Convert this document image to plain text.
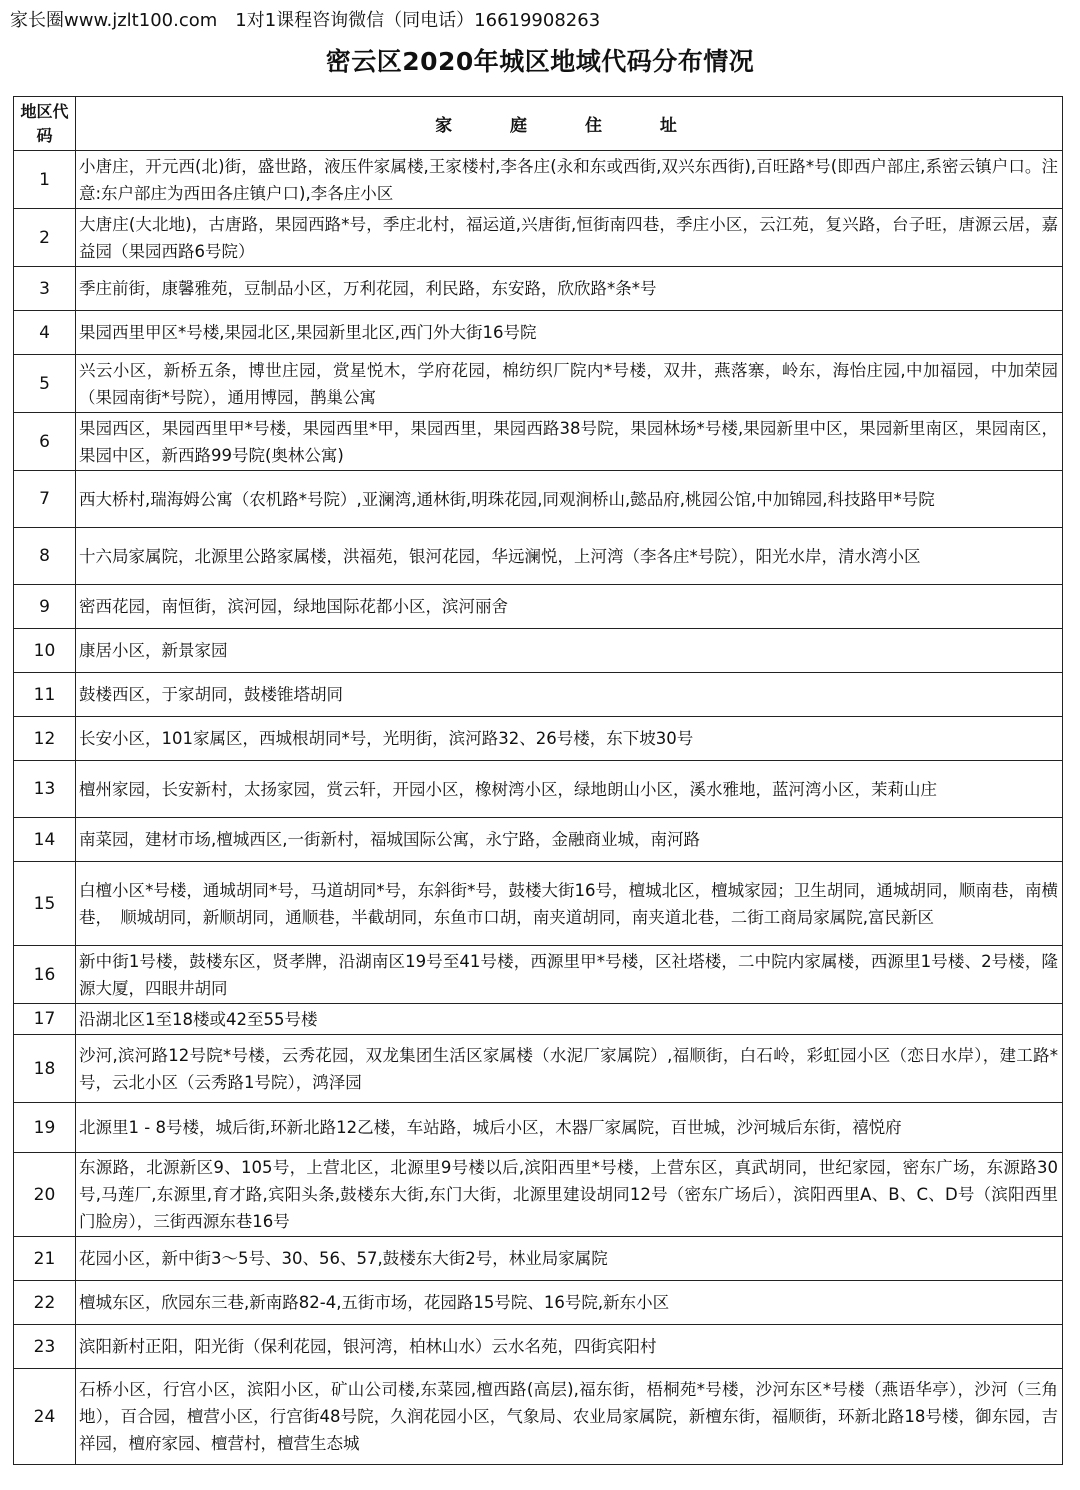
家长圈www.jzlt100.com　1对1课程咨询微信（同电话）16619908263
密云区2020年城区地域代码分布情况
地区代码	家 庭 住 址
1	小唐庄，开元西(北)街，盛世路，液压件家属楼,王家楼村,李各庄(永和东或西街,双兴东西街),百旺路*号(即西户部庄,系密云镇户口。注意:东户部庄为西田各庄镇户口),李各庄小区
2	大唐庄(大北地)，古唐路，果园西路*号，季庄北村，福运道,兴唐街,恒街南四巷，季庄小区，云江苑，复兴路，台子旺，唐源云居，嘉益园（果园西路6号院）
3	季庄前街，康馨雅苑，豆制品小区，万利花园，利民路，东安路，欣欣路*条*号
4	果园西里甲区*号楼,果园北区,果园新里北区,西门外大街16号院
5	兴云小区，新桥五条，博世庄园，赏星悦木，学府花园，棉纺织厂院内*号楼，双井，燕落寨，岭东，海怡庄园,中加福园，中加荣园（果园南街*号院），通用博园，鹊巢公寓
6	果园西区，果园西里甲*号楼，果园西里*甲，果园西里，果园西路38号院，果园林场*号楼,果园新里中区，果园新里南区，果园南区，果园中区，新西路99号院(奥林公寓)
7	西大桥村,瑞海姆公寓（农机路*号院）,亚澜湾,通林街,明珠花园,同观涧桥山,懿品府,桃园公馆,中加锦园,科技路甲*号院
8	十六局家属院，北源里公路家属楼，洪福苑，银河花园，华远澜悦，上河湾（李各庄*号院），阳光水岸，清水湾小区
9	密西花园，南恒街，滨河园，绿地国际花都小区，滨河丽舍
10	康居小区，新景家园
11	鼓楼西区，于家胡同，鼓楼锥塔胡同
12	长安小区，101家属区，西城根胡同*号，光明街，滨河路32、26号楼，东下坡30号
13	檀州家园，长安新村，太扬家园，赏云轩，开园小区，橡树湾小区，绿地朗山小区，溪水雅地，蓝河湾小区，茉莉山庄
14	南菜园，建材市场,檀城西区,一街新村，福城国际公寓，永宁路，金融商业城，南河路
15	白檀小区*号楼，通城胡同*号，马道胡同*号，东斜街*号，鼓楼大街16号，檀城北区，檀城家园；卫生胡同，通城胡同，顺南巷，南横巷，　顺城胡同，新顺胡同，通顺巷，半截胡同，东鱼市口胡，南夹道胡同，南夹道北巷，二街工商局家属院,富民新区
16	新中街1号楼，鼓楼东区，贤孝牌，沿湖南区19号至41号楼，西源里甲*号楼，区社塔楼，二中院内家属楼，西源里1号楼、2号楼，隆源大厦，四眼井胡同
17	沿湖北区1至18楼或42至55号楼
18	沙河,滨河路12号院*号楼，云秀花园，双龙集团生活区家属楼（水泥厂家属院）,福顺街，白石岭，彩虹园小区（恋日水岸），建工路*号，云北小区（云秀路1号院），鸿泽园
19	北源里1 - 8号楼，城后街,环新北路12乙楼，车站路，城后小区，木器厂家属院，百世城，沙河城后东街，禧悦府
20	东源路，北源新区9、105号，上营北区，北源里9号楼以后,滨阳西里*号楼，上营东区，真武胡同，世纪家园，密东广场，东源路30号,马莲厂,东源里,育才路,宾阳头条,鼓楼东大街,东门大街，北源里建设胡同12号（密东广场后），滨阳西里A、B、C、D号（滨阳西里门脸房），三街西源东巷16号
21	花园小区，新中街3～5号、30、56、57,鼓楼东大街2号，林业局家属院
22	檀城东区，欣园东三巷,新南路82-4,五街市场，花园路15号院、16号院,新东小区
23	滨阳新村正阳，阳光街（保利花园，银河湾，柏林山水）云水名苑，四街宾阳村
24	石桥小区，行宫小区，滨阳小区，矿山公司楼,东菜园,檀西路(高层),福东街，梧桐苑*号楼，沙河东区*号楼（燕语华亭），沙河（三角地），百合园，檀营小区，行宫街48号院，久润花园小区，气象局、农业局家属院，新檀东街，福顺街，环新北路18号楼，御东园，吉祥园，檀府家园、檀营村，檀营生态城
